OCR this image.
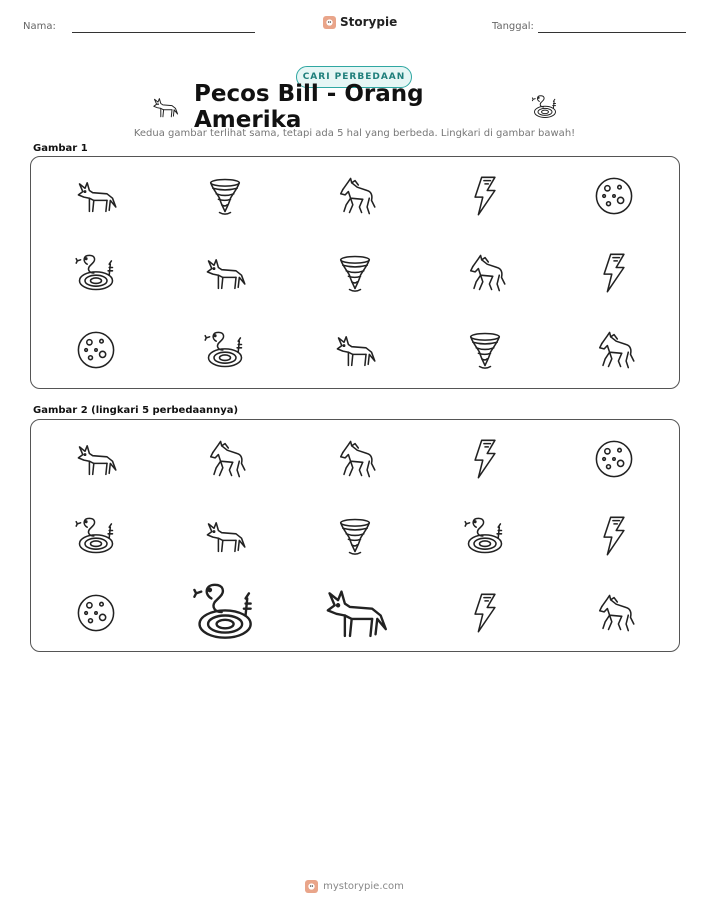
Nama:	Storypie	Tanggal:
CARI PERBEDAAN
Pecos Bill - Orang Amerika
Kedua gambar terlihat sama, tetapi ada 5 hal yang berbeda. Lingkari di gambar bawah!
Gambar 1
Gambar 2 (lingkari 5 perbedaannya)
mystorypie.com
